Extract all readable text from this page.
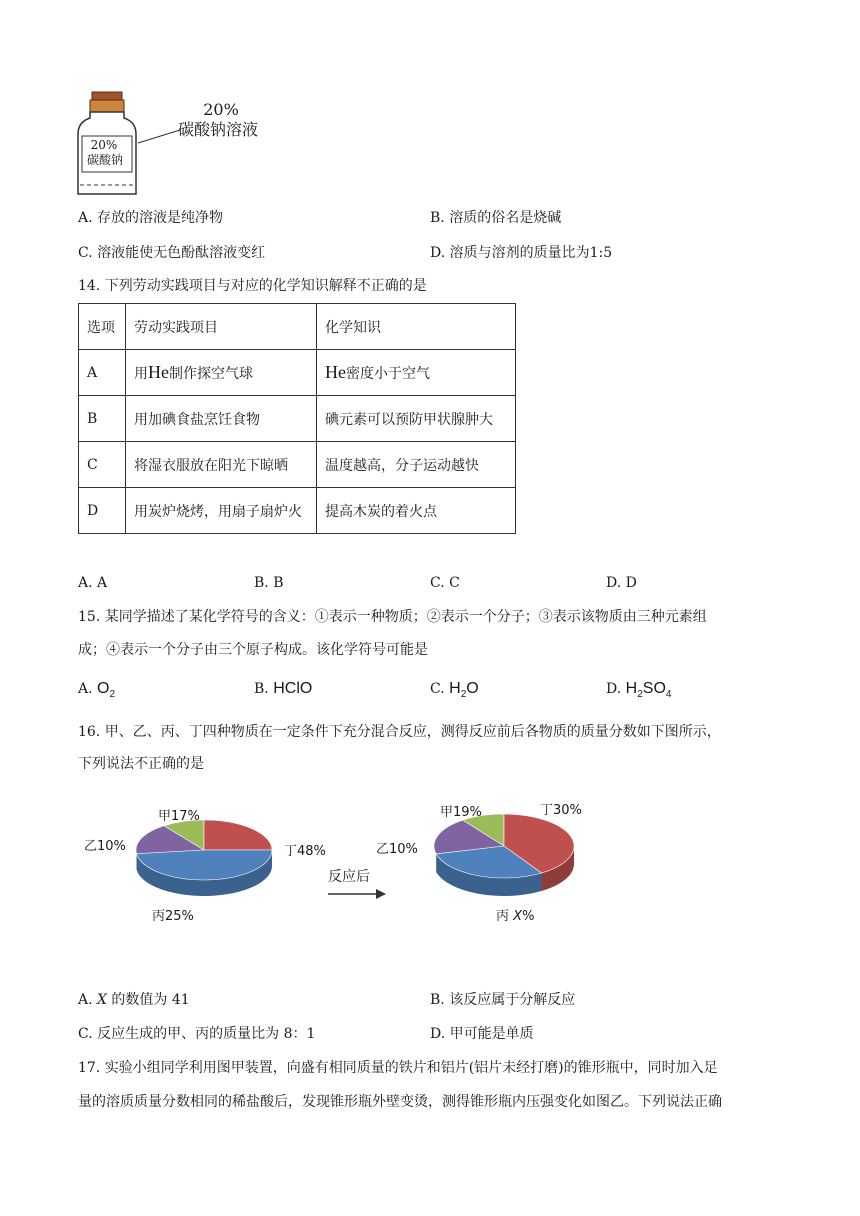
20%
碳酸钠
20%
碳酸钠溶液
A. 存放的溶液是纯净物	B. 溶质的俗名是烧碱
C. 溶液能使无色酚酞溶液变红	D. 溶质与溶剂的质量比为1:5
14. 下列劳动实践项目与对应的化学知识解释不正确的是
选项	劳动实践项目	化学知识
A	用He制作探空气球	He密度小于空气
B	用加碘食盐烹饪食物	碘元素可以预防甲状腺肿大
C	将湿衣服放在阳光下晾晒	温度越高，分子运动越快
D	用炭炉烧烤，用扇子扇炉火	提高木炭的着火点
A. A	B. B	C. C	D. D
15. 某同学描述了某化学符号的含义：①表示一种物质；②表示一个分子；③表示该物质由三种元素组
成；④表示一个分子由三个原子构成。该化学符号可能是
A. $O_2$	B. HClO	C. $H_2O$	D. $H_2SO_4$
16. 甲、乙、丙、丁四种物质在一定条件下充分混合反应，测得反应前后各物质的质量分数如下图所示，
下列说法不正确的是
甲17%
乙10%	丁48%
丙25%
反应后
甲19%	丁30%
乙10%
丙 X%
A. X 的数值为 41	B. 该反应属于分解反应
C. 反应生成的甲、丙的质量比为 8：1	D. 甲可能是单质
17. 实验小组同学利用图甲装置，向盛有相同质量的铁片和铝片(铝片未经打磨)的锥形瓶中，同时加入足
量的溶质质量分数相同的稀盐酸后，发现锥形瓶外壁变烫，测得锥形瓶内压强变化如图乙。下列说法正确
